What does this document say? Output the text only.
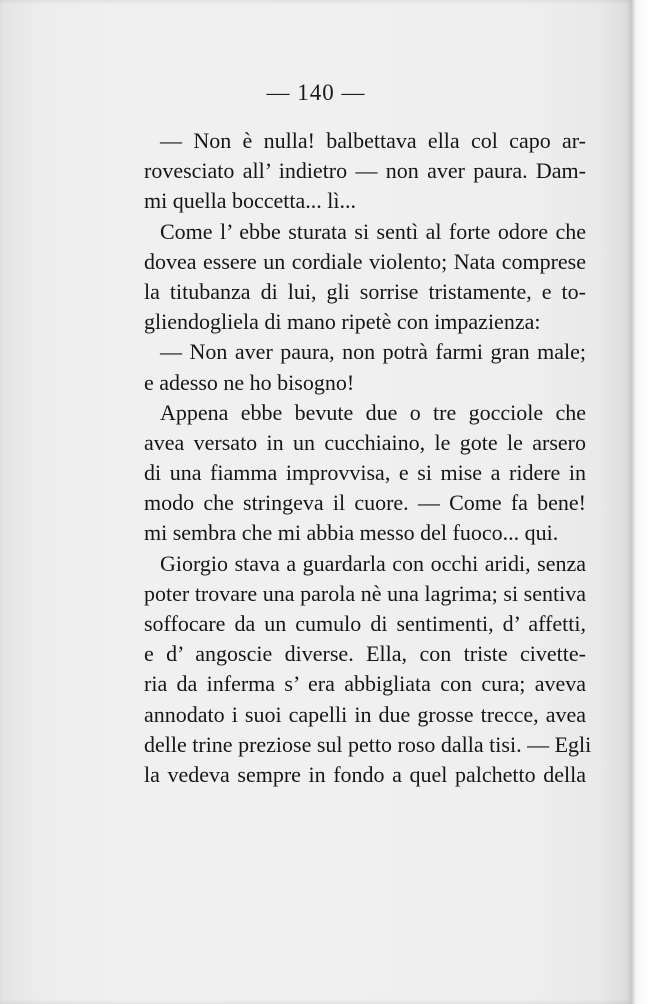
— 140 —
— Non è nulla! balbettava ella col capo ar-
rovesciato all’ indietro — non aver paura. Dam-
mi quella boccetta... lì...
Come l’ ebbe sturata si sentì al forte odore che
dovea essere un cordiale violento; Nata comprese
la titubanza di lui, gli sorrise tristamente, e to-
gliendogliela di mano ripetè con impazienza:
— Non aver paura, non potrà farmi gran male;
e adesso ne ho bisogno!
Appena ebbe bevute due o tre gocciole che
avea versato in un cucchiaino, le gote le arsero
di una fiamma improvvisa, e si mise a ridere in
modo che stringeva il cuore. — Come fa bene!
mi sembra che mi abbia messo del fuoco... qui.
Giorgio stava a guardarla con occhi aridi, senza
poter trovare una parola nè una lagrima; si sentiva
soffocare da un cumulo di sentimenti, d’ affetti,
e d’ angoscie diverse. Ella, con triste civette-
ria da inferma s’ era abbigliata con cura; aveva
annodato i suoi capelli in due grosse trecce, avea
delle trine preziose sul petto roso dalla tisi. — Egli
la vedeva sempre in fondo a quel palchetto della
